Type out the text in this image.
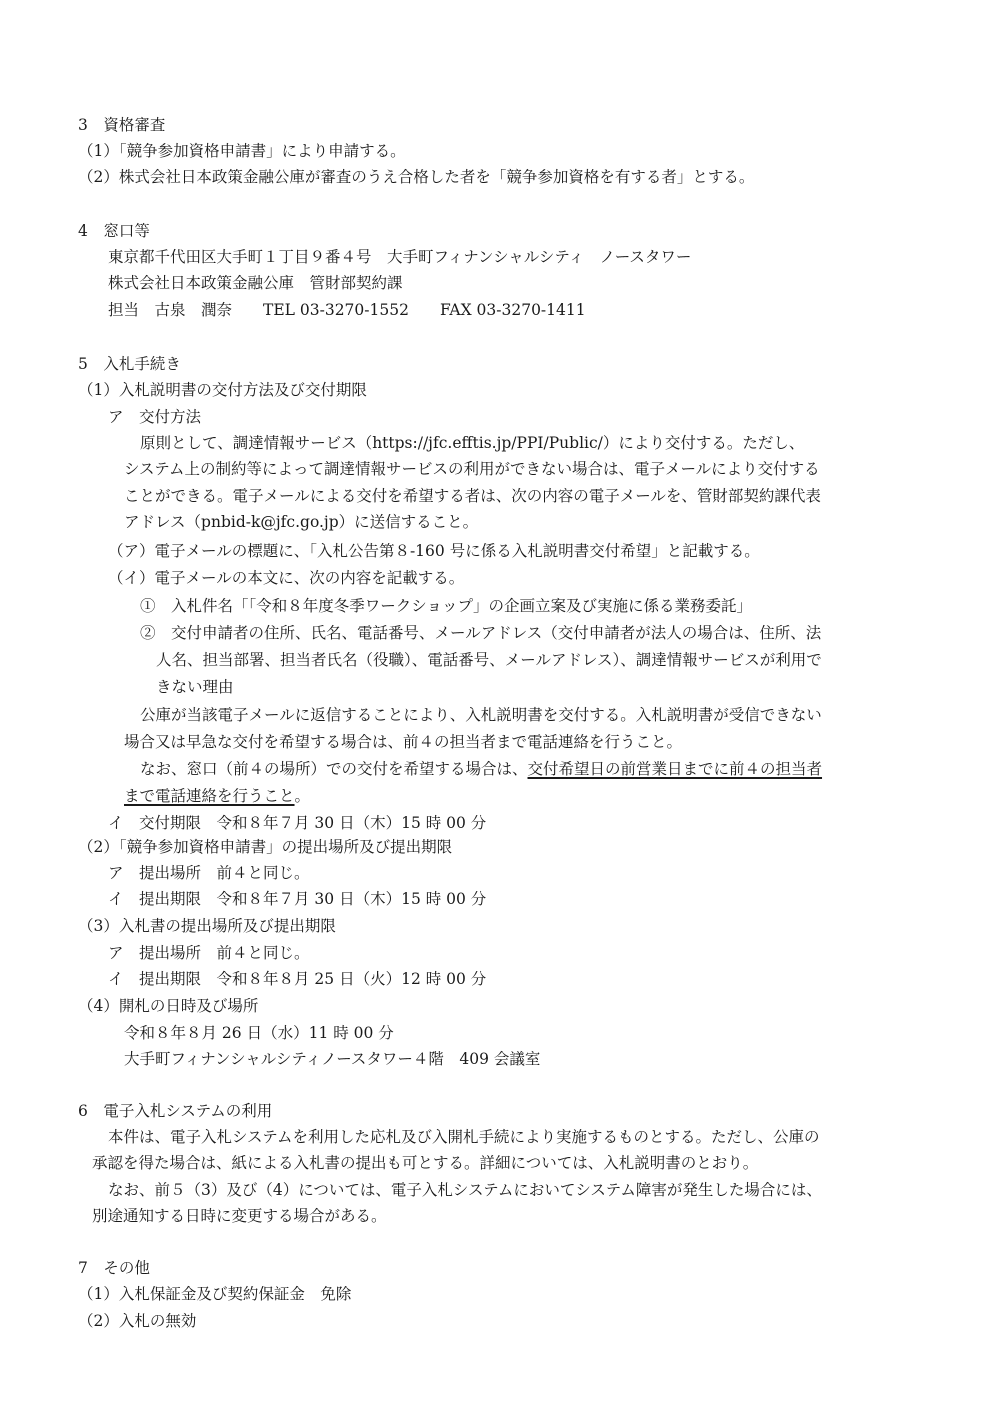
3　資格審査
（1）「競争参加資格申請書」により申請する。
（2）株式会社日本政策金融公庫が審査のうえ合格した者を「競争参加資格を有する者」とする。
4　窓口等
東京都千代田区大手町１丁目９番４号　大手町フィナンシャルシティ　ノースタワー
株式会社日本政策金融公庫　管財部契約課
担当　古泉　潤奈　　TEL 03-3270-1552　　FAX 03-3270-1411
5　入札手続き
（1）入札説明書の交付方法及び交付期限
ア　交付方法
原則として、調達情報サービス（https://jfc.efftis.jp/PPI/Public/）により交付する。ただし、
システム上の制約等によって調達情報サービスの利用ができない場合は、電子メールにより交付する
ことができる。電子メールによる交付を希望する者は、次の内容の電子メールを、管財部契約課代表
アドレス（pnbid-k@jfc.go.jp）に送信すること。
（ア）電子メールの標題に、「入札公告第８-160 号に係る入札説明書交付希望」と記載する。
（イ）電子メールの本文に、次の内容を記載する。
①　入札件名「「令和８年度冬季ワークショップ」の企画立案及び実施に係る業務委託」
②　交付申請者の住所、氏名、電話番号、メールアドレス（交付申請者が法人の場合は、住所、法
人名、担当部署、担当者氏名（役職）、電話番号、メールアドレス）、調達情報サービスが利用で
きない理由
公庫が当該電子メールに返信することにより、入札説明書を交付する。入札説明書が受信できない
場合又は早急な交付を希望する場合は、前４の担当者まで電話連絡を行うこと。
なお、窓口（前４の場所）での交付を希望する場合は、交付希望日の前営業日までに前４の担当者
まで電話連絡を行うこと。
イ　交付期限　令和８年７月 30 日（木）15 時 00 分
（2）「競争参加資格申請書」の提出場所及び提出期限
ア　提出場所　前４と同じ。
イ　提出期限　令和８年７月 30 日（木）15 時 00 分
（3）入札書の提出場所及び提出期限
ア　提出場所　前４と同じ。
イ　提出期限　令和８年８月 25 日（火）12 時 00 分
（4）開札の日時及び場所
令和８年８月 26 日（水）11 時 00 分
大手町フィナンシャルシティノースタワー４階　409 会議室
6　電子入札システムの利用
本件は、電子入札システムを利用した応札及び入開札手続により実施するものとする。ただし、公庫の
承認を得た場合は、紙による入札書の提出も可とする。詳細については、入札説明書のとおり。
なお、前５（3）及び（4）については、電子入札システムにおいてシステム障害が発生した場合には、
別途通知する日時に変更する場合がある。
7　その他
（1）入札保証金及び契約保証金　免除
（2）入札の無効
